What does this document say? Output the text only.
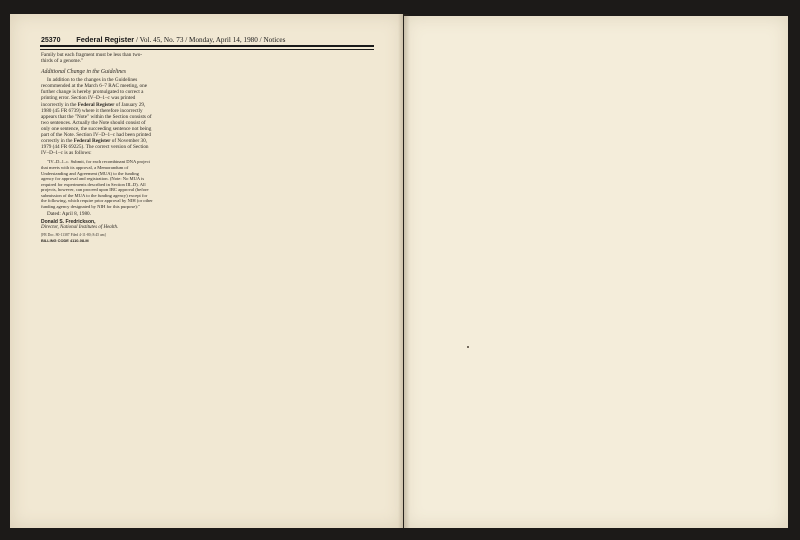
25370 Federal Register / Vol. 45, No. 73 / Monday, April 14, 1980 / Notices

Family but each fragment must be less than two-thirds of a genome."

Additional Change in the Guidelines

In addition to the changes in the Guidelines recommended at the March 6–7 RAC meeting, one further change is hereby promulgated to correct a printing error. Section IV–D–1–c was printed incorrectly in the Federal Register of January 29, 1980 (45 FR 6739) where it therefore incorrectly appears that the "Note" within the Section consists of two sentences. Actually the Note should consist of only one sentence, the succeeding sentence not being part of the Note. Section IV–D–1–c had been printed correctly in the Federal Register of November 30, 1979 (44 FR 69225). The correct version of Section IV–D–1–c is as follows:

"IV–D–1–c. Submit, for each recombinant DNA project that meets with its approval, a Memorandum of Understanding and Agreement (MUA) to the funding agency for approval and registration. (Note: No MUA is required for experiments described in Section III–D). All projects, however, can proceed upon IBC approval (before submission of the MUA to the funding agency) except for the following, which require prior approval by NIH (or other funding agency designated by NIH for this purpose):"

Dated: April 8, 1980.

Donald S. Fredrickson,
Director, National Institutes of Health.
[FR Doc. 80-11387 Filed 4-11-80; 8:45 am]
BILLING CODE 4110-08-M
